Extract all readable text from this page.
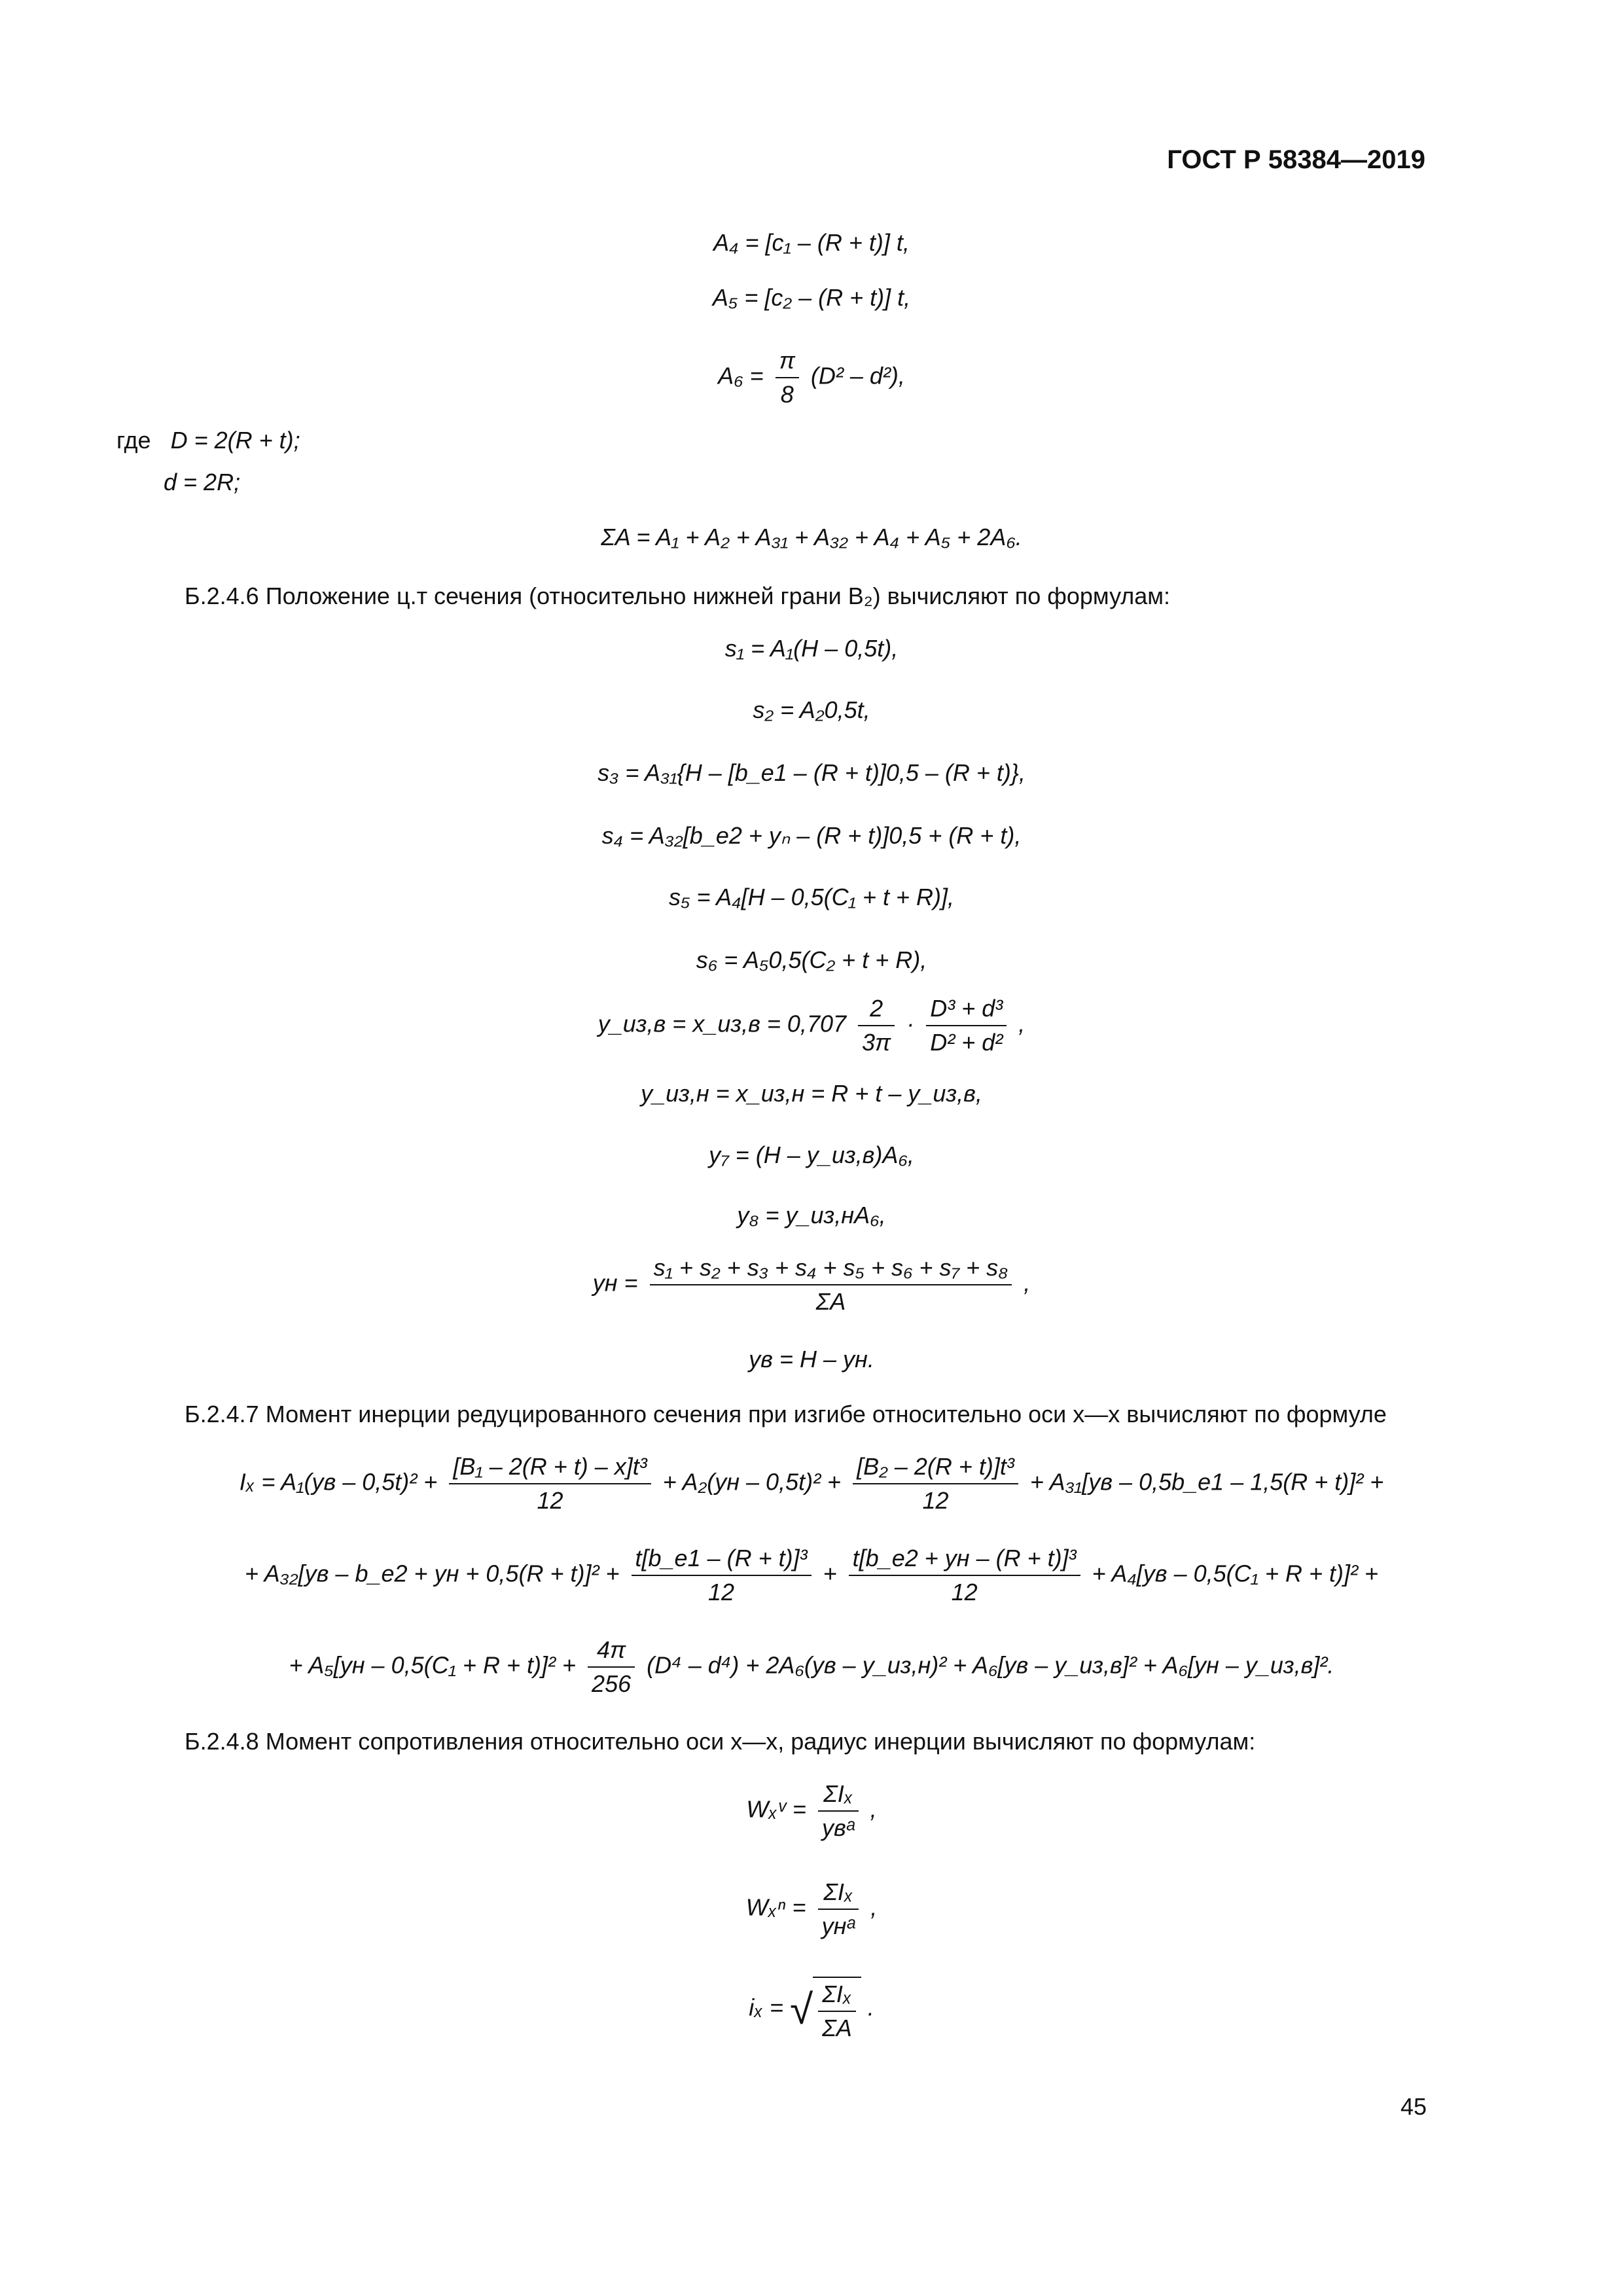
ГОСТ Р 58384—2019
A₄ = [c₁ – (R + t)] t,
A₅ = [c₂ – (R + t)] t,
$A_6 = \frac{\pi}{8} (D^2 - d^2)$,
где D = 2(R + t);
d = 2R;
ΣA = A₁ + A₂ + A₃₁ + A₃₂ + A₄ + A₅ + 2A₆.
Б.2.4.6 Положение ц.т сечения (относительно нижней грани B₂) вычисляют по формулам:
s₁ = A₁(H – 0,5t),
s₂ = A₂0,5t,
s₃ = A₃₁{H – [b_e1 – (R + t)]0,5 – (R + t)},
s₄ = A₃₂[b_e2 + yₙ – (R + t)]0,5 + (R + t),
s₅ = A₄[H – 0,5(C₁ + t + R)],
s₆ = A₅0,5(C₂ + t + R),
y_из,в = x_из,в = $0,707 \frac{2}{3\pi} \cdot \frac{\text{D³ + d³}}{\text{D² + d²}}$ ,
y_из,н = x_из,н = R + t – y_из,в,
y₇ = (H – y_из,в)A₆,
y₈ = y_из,нA₆,
yн = $\frac{\text{s₁ + s₂ + s₃ + s₄ + s₅ + s₆ + s₇ + s₈}}{\Sigma A}$ ,
yв = H – yн.
Б.2.4.7 Момент инерции редуцированного сечения при изгибе относительно оси x—x вычисляют по формуле
$I_x = A_1(yв - 0,5t)^2 + \frac{\text{[B₁ – 2(R + t) – x]t³}}{12} + A_2(yн - 0,5t)^2 + \frac{\text{[B₂ – 2(R + t)]t³}}{12} + A_{31}[yв$ – 0,5b_e1 – 1,5(R + t)]² +
+ A₃₂[yв – b_e2 + yн + $0,5(R + t)]^2 + \frac{\text{t[b\_e1 – (R + t)]³}}{12} + \frac{\text{t[b\_e2 + yн – (R + t)]³}}{12} + A_4[yв - 0,5(C_1 + R + t)]^2$ +
+ $A_5[yн - 0,5(C_1 + R + t)]^2 + \frac{4\pi}{256} (D^4 - d^4) + 2A_6(yв$ – y_из,н)² + A₆[yв – y_из,в]² + A₆[yн – y_из,в]².
Б.2.4.8 Момент сопротивления относительно оси x—x, радиус инерции вычисляют по формулам:
Wₓᵛ = $\frac{\text{ΣIₓ}}{\text{yвᵃ}}$ ,
$W_x^n = \frac{\text{ΣIₓ}}{\text{yнᵃ}}$ ,
iₓ = √ $\frac{\text{ΣIₓ}}{\Sigma A}$ .
45
